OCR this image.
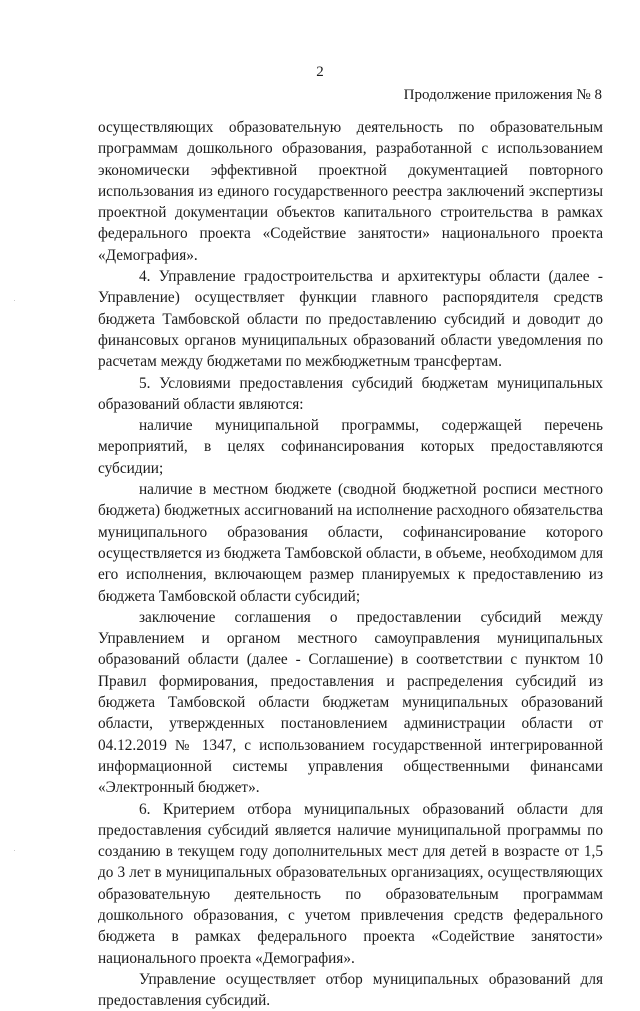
2
Продолжение приложения № 8

осуществляющих образовательную деятельность по образовательным программам дошкольного образования, разработанной с использованием экономически эффективной проектной документацией повторного использования из единого государственного реестра заключений экспертизы проектной документации объектов капитального строительства в рамках федерального проекта «Содействие занятости» национального проекта «Демография».

4. Управление градостроительства и архитектуры области (далее - Управление) осуществляет функции главного распорядителя средств бюджета Тамбовской области по предоставлению субсидий и доводит до финансовых органов муниципальных образований области уведомления по расчетам между бюджетами по межбюджетным трансфертам.

5. Условиями предоставления субсидий бюджетам муниципальных образований области являются:

наличие муниципальной программы, содержащей перечень мероприятий, в целях софинансирования которых предоставляются субсидии;

наличие в местном бюджете (сводной бюджетной росписи местного бюджета) бюджетных ассигнований на исполнение расходного обязательства муниципального образования области, софинансирование которого осуществляется из бюджета Тамбовской области, в объеме, необходимом для его исполнения, включающем размер планируемых к предоставлению из бюджета Тамбовской области субсидий;

заключение соглашения о предоставлении субсидий между Управлением и органом местного самоуправления муниципальных образований области (далее - Соглашение) в соответствии с пунктом 10 Правил формирования, предоставления и распределения субсидий из бюджета Тамбовской области бюджетам муниципальных образований области, утвержденных постановлением администрации области от 04.12.2019 № 1347, с использованием государственной интегрированной информационной системы управления общественными финансами «Электронный бюджет».

6. Критерием отбора муниципальных образований области для предоставления субсидий является наличие муниципальной программы по созданию в текущем году дополнительных мест для детей в возрасте от 1,5 до 3 лет в муниципальных образовательных организациях, осуществляющих образовательную деятельность по образовательным программам дошкольного образования, с учетом привлечения средств федерального бюджета в рамках федерального проекта «Содействие занятости» национального проекта «Демография».

Управление осуществляет отбор муниципальных образований для предоставления субсидий.
